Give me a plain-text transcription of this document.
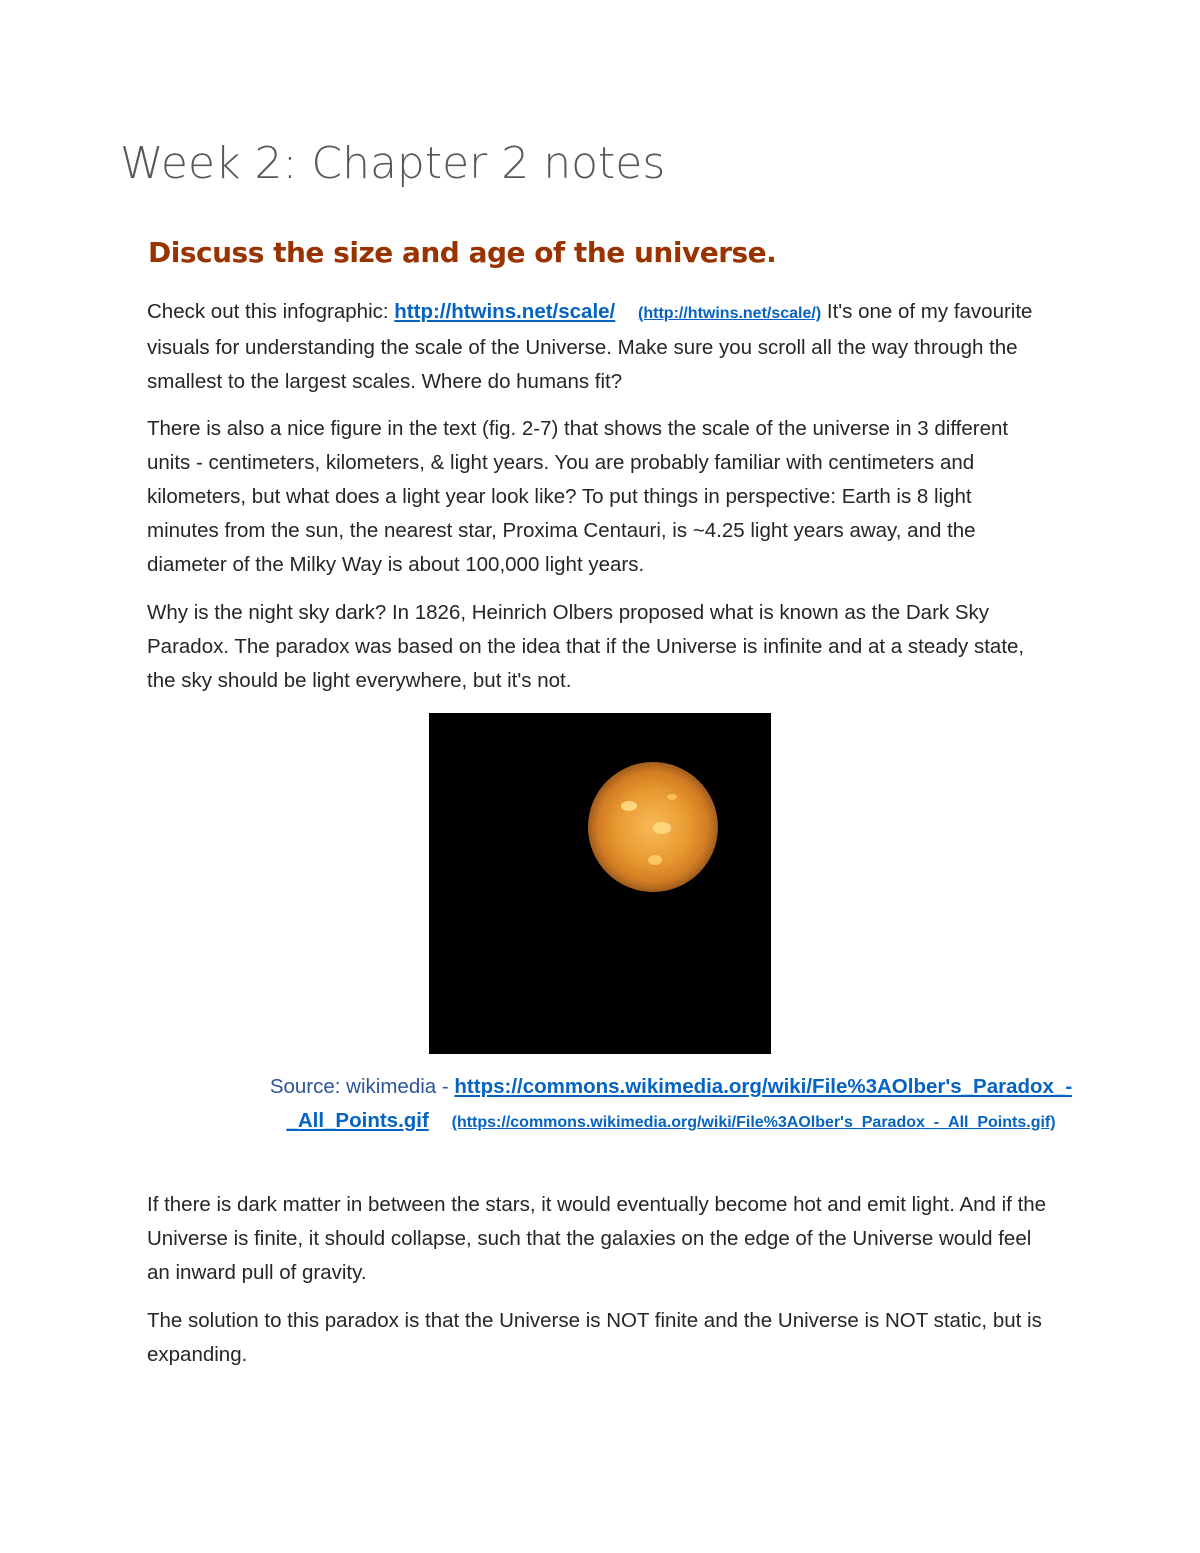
Week 2: Chapter 2 notes
Discuss the size and age of the universe.

Check out this infographic: http://htwins.net/scale/ (http://htwins.net/scale/) It's one of my favourite visuals for understanding the scale of the Universe. Make sure you scroll all the way through the smallest to the largest scales. Where do humans fit?

There is also a nice figure in the text (fig. 2-7) that shows the scale of the universe in 3 different units - centimeters, kilometers, & light years. You are probably familiar with centimeters and kilometers, but what does a light year look like? To put things in perspective: Earth is 8 light minutes from the sun, the nearest star, Proxima Centauri, is ~4.25 light years away, and the diameter of the Milky Way is about 100,000 light years.

Why is the night sky dark? In 1826, Heinrich Olbers proposed what is known as the Dark Sky Paradox. The paradox was based on the idea that if the Universe is infinite and at a steady state, the sky should be light everywhere, but it's not.

Source: wikimedia - https://commons.wikimedia.org/wiki/File%3AOlber's_Paradox_-_All_Points.gif (https://commons.wikimedia.org/wiki/File%3AOlber's_Paradox_-_All_Points.gif)

If there is dark matter in between the stars, it would eventually become hot and emit light. And if the Universe is finite, it should collapse, such that the galaxies on the edge of the Universe would feel an inward pull of gravity.

The solution to this paradox is that the Universe is NOT finite and the Universe is NOT static, but is expanding.
